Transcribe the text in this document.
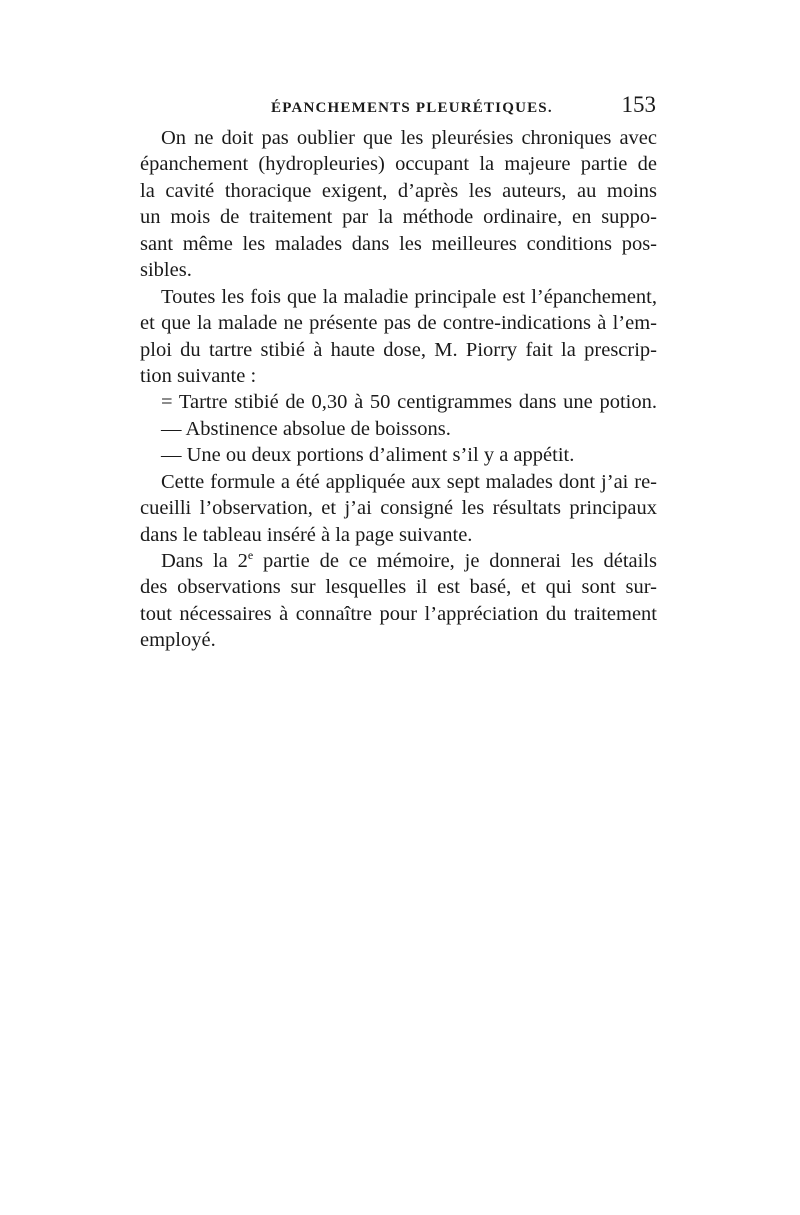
ÉPANCHEMENTS PLEURÉTIQUES.	153
On ne doit pas oublier que les pleurésies chroniques avec
épanchement (hydropleuries) occupant la majeure partie de
la cavité thoracique exigent, d’après les auteurs, au moins
un mois de traitement par la méthode ordinaire, en suppo-
sant même les malades dans les meilleures conditions pos-
sibles.
Toutes les fois que la maladie principale est l’épanchement,
et que la malade ne présente pas de contre-indications à l’em-
ploi du tartre stibié à haute dose, M. Piorry fait la prescrip-
tion suivante :
= Tartre stibié de 0,30 à 50 centigrammes dans une potion.
— Abstinence absolue de boissons.
— Une ou deux portions d’aliment s’il y a appétit.
Cette formule a été appliquée aux sept malades dont j’ai re-
cueilli l’observation, et j’ai consigné les résultats principaux
dans le tableau inséré à la page suivante.
Dans la 2e partie de ce mémoire, je donnerai les détails
des observations sur lesquelles il est basé, et qui sont sur-
tout nécessaires à connaître pour l’appréciation du traitement
employé.
